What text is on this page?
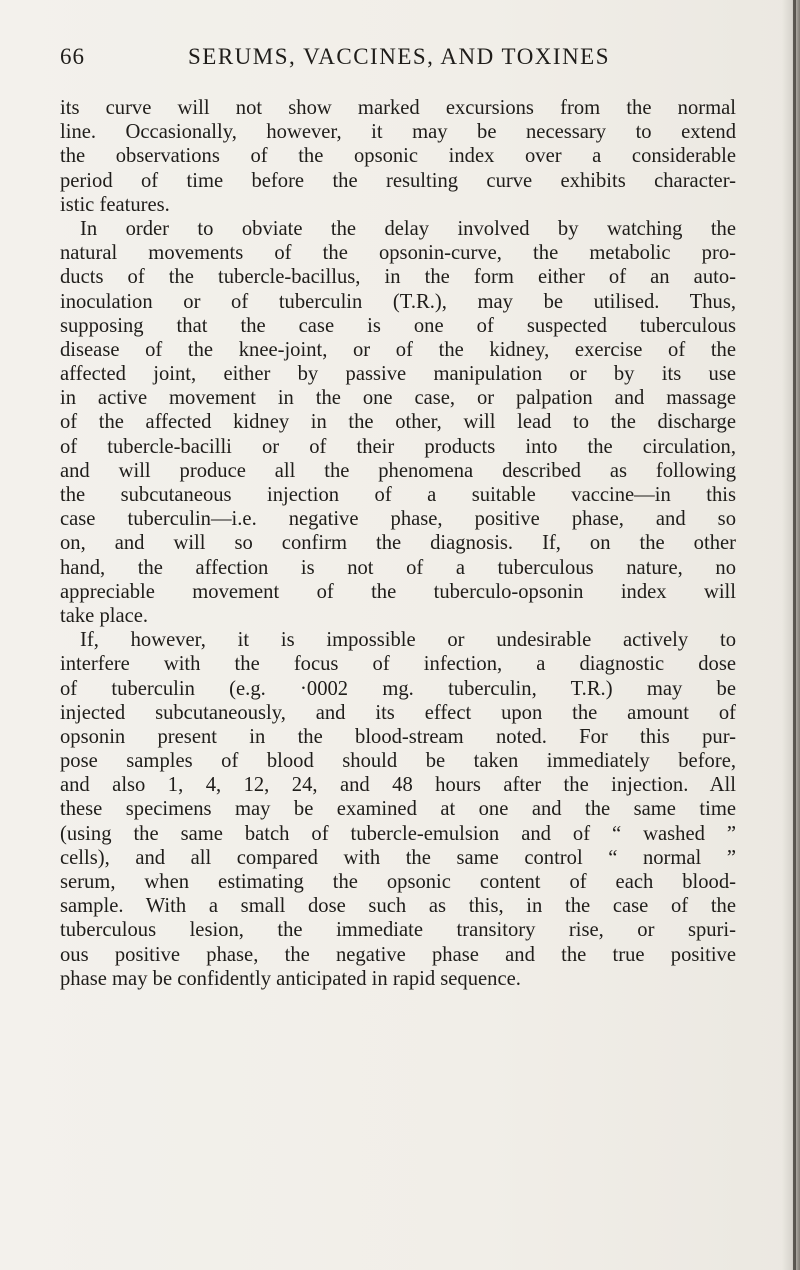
66	SERUMS, VACCINES, AND TOXINES
its curve will not show marked excursions from the normal
line. Occasionally, however, it may be necessary to extend
the observations of the opsonic index over a considerable
period of time before the resulting curve exhibits character-
istic features.
In order to obviate the delay involved by watching the
natural movements of the opsonin-curve, the metabolic pro-
ducts of the tubercle-bacillus, in the form either of an auto-
inoculation or of tuberculin (T.R.), may be utilised. Thus,
supposing that the case is one of suspected tuberculous
disease of the knee-joint, or of the kidney, exercise of the
affected joint, either by passive manipulation or by its use
in active movement in the one case, or palpation and massage
of the affected kidney in the other, will lead to the discharge
of tubercle-bacilli or of their products into the circulation,
and will produce all the phenomena described as following
the subcutaneous injection of a suitable vaccine—in this
case tuberculin—i.e. negative phase, positive phase, and so
on, and will so confirm the diagnosis. If, on the other
hand, the affection is not of a tuberculous nature, no
appreciable movement of the tuberculo-opsonin index will
take place.
If, however, it is impossible or undesirable actively to
interfere with the focus of infection, a diagnostic dose
of tuberculin (e.g. ·0002 mg. tuberculin, T.R.) may be
injected subcutaneously, and its effect upon the amount of
opsonin present in the blood-stream noted. For this pur-
pose samples of blood should be taken immediately before,
and also 1, 4, 12, 24, and 48 hours after the injection. All
these specimens may be examined at one and the same time
(using the same batch of tubercle-emulsion and of “ washed ”
cells), and all compared with the same control “ normal ”
serum, when estimating the opsonic content of each blood-
sample. With a small dose such as this, in the case of the
tuberculous lesion, the immediate transitory rise, or spuri-
ous positive phase, the negative phase and the true positive
phase may be confidently anticipated in rapid sequence.
